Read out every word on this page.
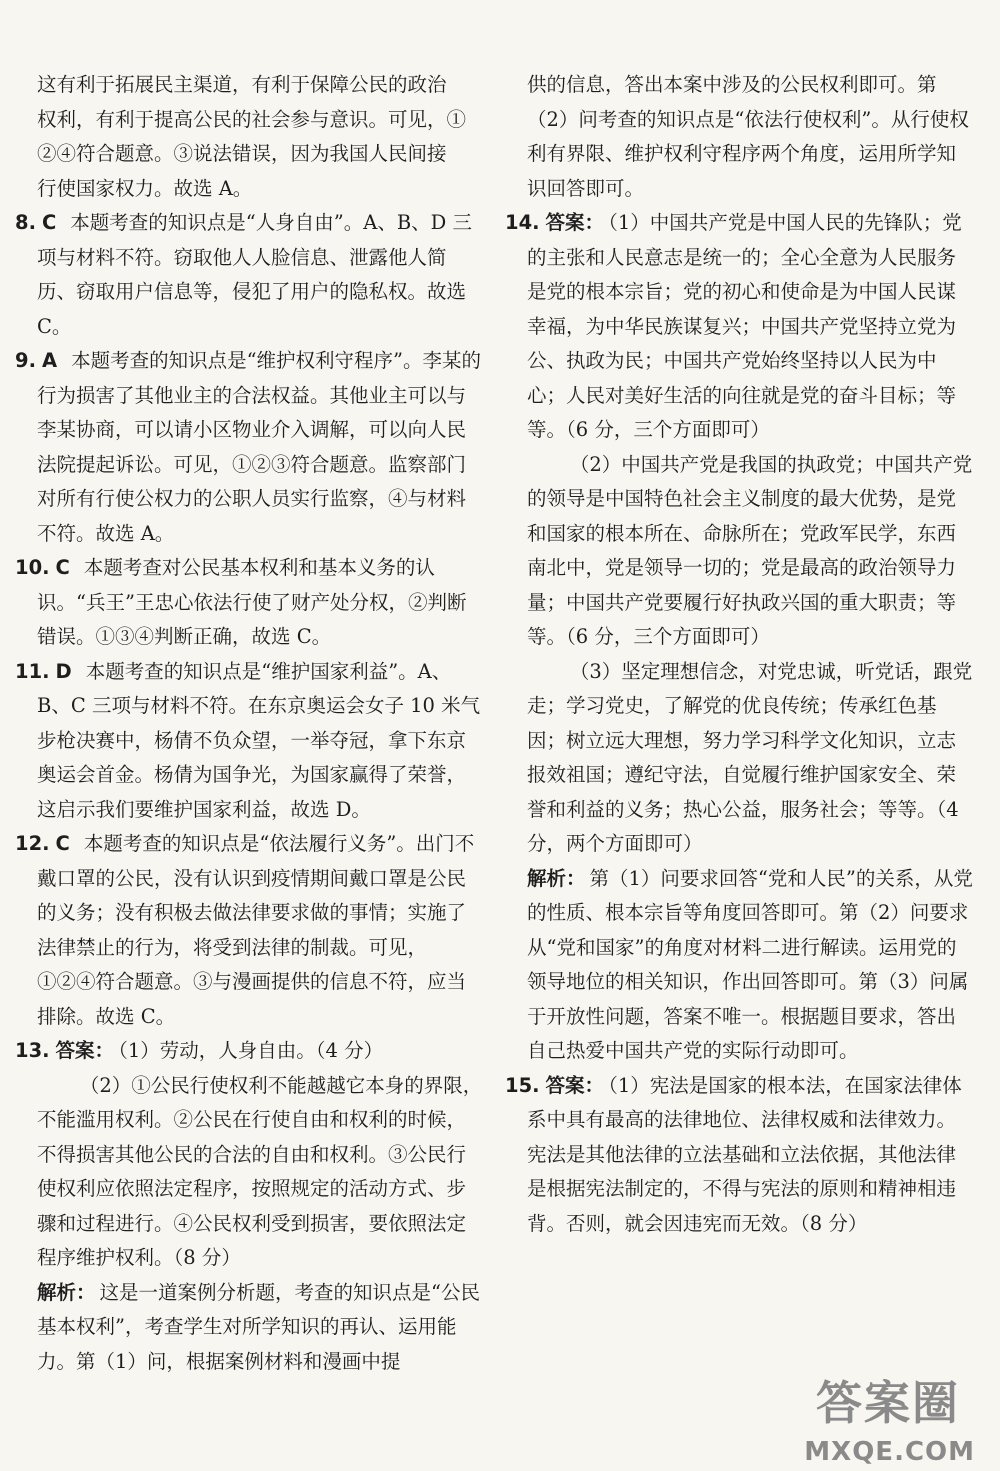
这有利于拓展民主渠道，有利于保障公民的政治
权利，有利于提高公民的社会参与意识。可见，①
②④符合题意。③说法错误，因为我国人民间接
行使国家权力。故选 A。
8. C 本题考查的知识点是“人身自由”。A、B、D 三项与材料不符。窃取他人人脸信息、泄露他人简历、窃取用户信息等，侵犯了用户的隐私权。故选 C。
9. A 本题考查的知识点是“维护权利守程序”。李某的行为损害了其他业主的合法权益。其他业主可以与李某协商，可以请小区物业介入调解，可以向人民法院提起诉讼。可见，①②③符合题意。监察部门对所有行使公权力的公职人员实行监察，④与材料不符。故选 A。
10. C 本题考查对公民基本权利和基本义务的认识。“兵王”王忠心依法行使了财产处分权，②判断错误。①③④判断正确，故选 C。
11. D 本题考查的知识点是“维护国家利益”。A、B、C 三项与材料不符。在东京奥运会女子 10 米气步枪决赛中，杨倩不负众望，一举夺冠，拿下东京奥运会首金。杨倩为国争光，为国家赢得了荣誉，这启示我们要维护国家利益，故选 D。
12. C 本题考查的知识点是“依法履行义务”。出门不戴口罩的公民，没有认识到疫情期间戴口罩是公民的义务；没有积极去做法律要求做的事情；实施了法律禁止的行为，将受到法律的制裁。可见，①②④符合题意。③与漫画提供的信息不符，应当排除。故选 C。
13. 答案： （1）劳动，人身自由。（4 分）
（2）①公民行使权利不能越越它本身的界限，不能滥用权利。②公民在行使自由和权利的时候，不得损害其他公民的合法的自由和权利。③公民行使权利应依照法定程序，按照规定的活动方式、步骤和过程进行。④公民权利受到损害，要依照法定程序维护权利。（8 分）
解析： 这是一道案例分析题，考查的知识点是“公民基本权利”，考查学生对所学知识的再认、运用能力。第（1）问，根据案例材料和漫画中提
供的信息，答出本案中涉及的公民权利即可。第（2）问考查的知识点是“依法行使权利”。从行使权利有界限、维护权利守程序两个角度，运用所学知识回答即可。
14. 答案： （1）中国共产党是中国人民的先锋队；党的主张和人民意志是统一的；全心全意为人民服务是党的根本宗旨；党的初心和使命是为中国人民谋幸福，为中华民族谋复兴；中国共产党坚持立党为公、执政为民；中国共产党始终坚持以人民为中心；人民对美好生活的向往就是党的奋斗目标；等等。（6 分，三个方面即可）
（2）中国共产党是我国的执政党；中国共产党的领导是中国特色社会主义制度的最大优势，是党和国家的根本所在、命脉所在；党政军民学，东西南北中，党是领导一切的；党是最高的政治领导力量；中国共产党要履行好执政兴国的重大职责；等等。（6 分，三个方面即可）
（3）坚定理想信念，对党忠诚，听党话，跟党走；学习党史，了解党的优良传统；传承红色基因；树立远大理想，努力学习科学文化知识，立志报效祖国；遵纪守法，自觉履行维护国家安全、荣誉和利益的义务；热心公益，服务社会；等等。（4 分，两个方面即可）
解析： 第（1）问要求回答“党和人民”的关系，从党的性质、根本宗旨等角度回答即可。第（2）问要求从“党和国家”的角度对材料二进行解读。运用党的领导地位的相关知识，作出回答即可。第（3）问属于开放性问题，答案不唯一。根据题目要求，答出自己热爱中国共产党的实际行动即可。
15. 答案： （1）宪法是国家的根本法，在国家法律体系中具有最高的法律地位、法律权威和法律效力。宪法是其他法律的立法基础和立法依据，其他法律是根据宪法制定的，不得与宪法的原则和精神相违背。否则，就会因违宪而无效。（8 分）
答案圈
MXQE.COM
